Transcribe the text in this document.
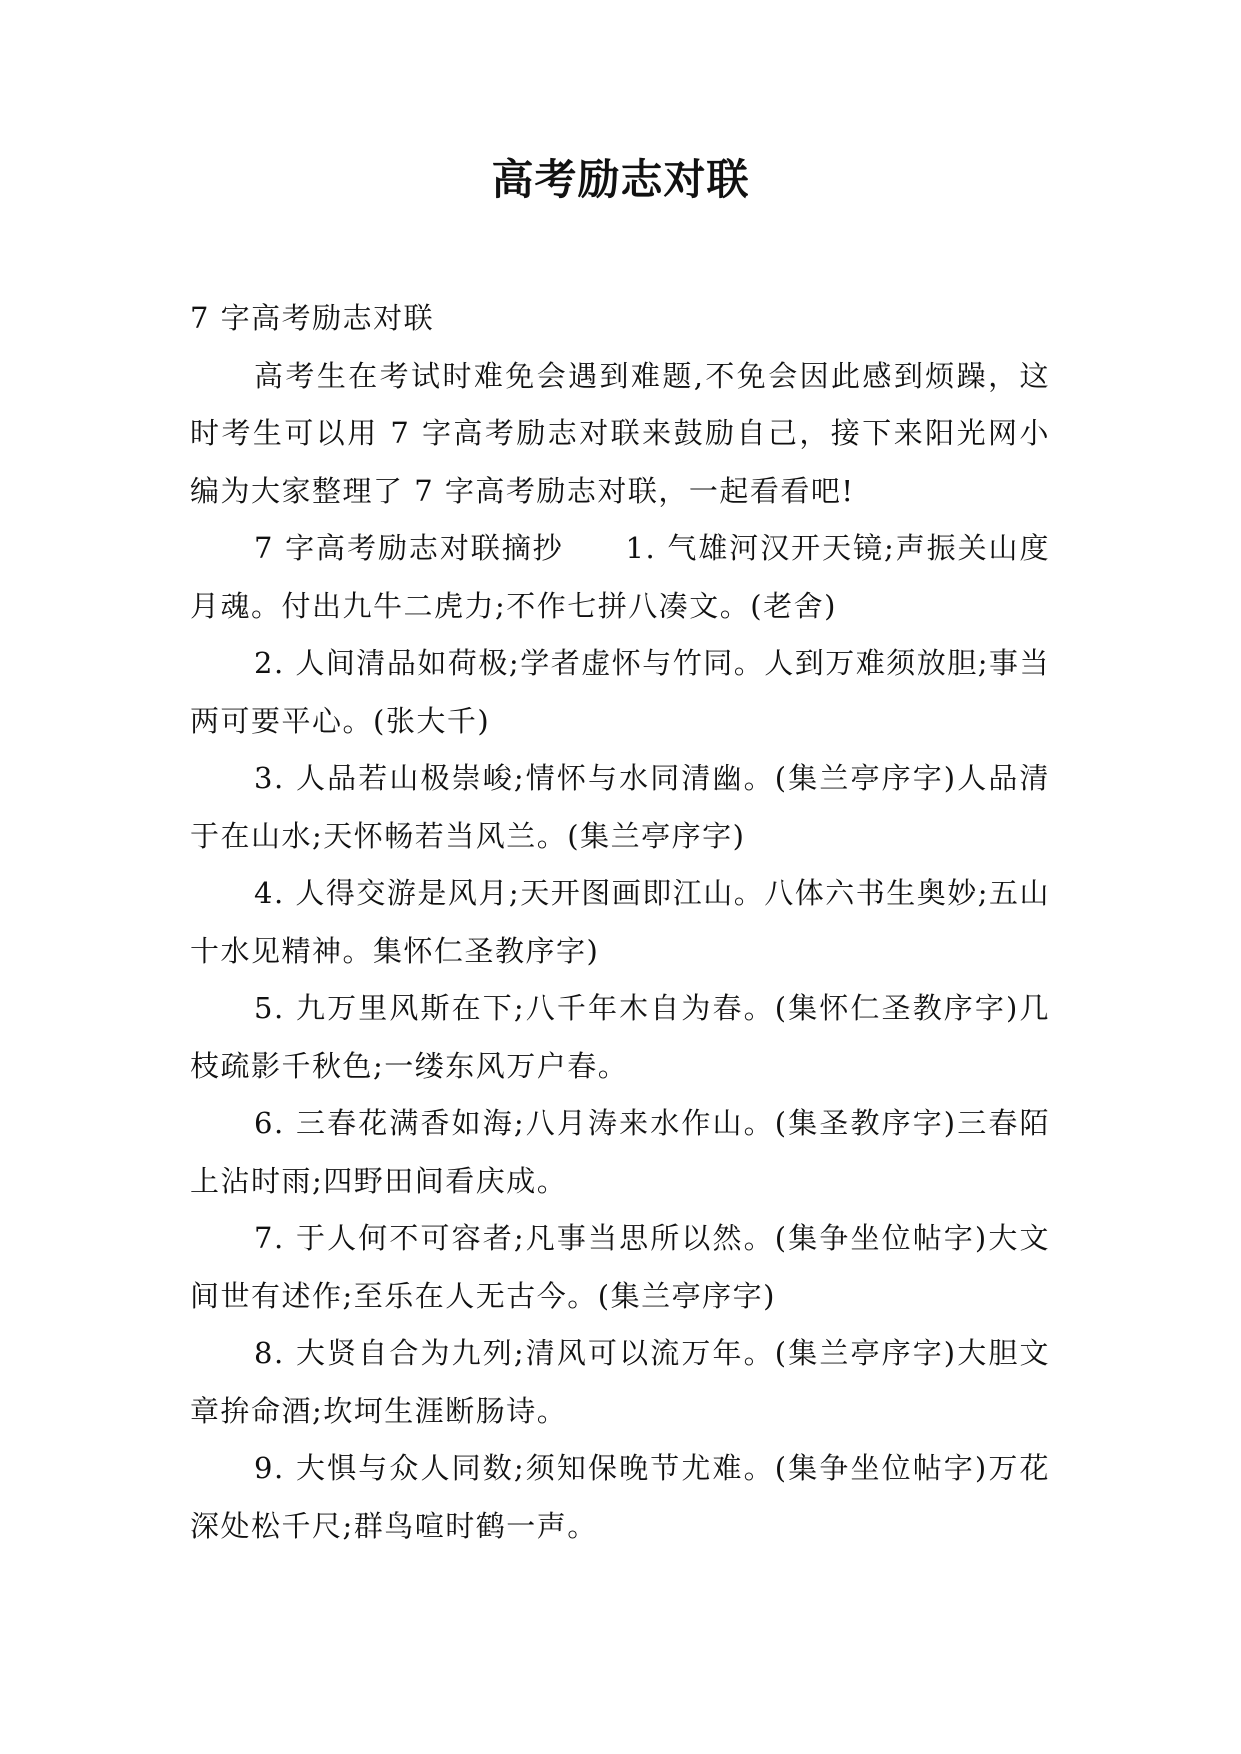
高考励志对联

7 字高考励志对联

高考生在考试时难免会遇到难题,不免会因此感到烦躁，这时考生可以用 7 字高考励志对联来鼓励自己，接下来阳光网小编为大家整理了 7 字高考励志对联，一起看看吧!

7 字高考励志对联摘抄　　1. 气雄河汉开天镜;声振关山度月魂。付出九牛二虎力;不作七拼八凑文。(老舍)

2. 人间清品如荷极;学者虚怀与竹同。人到万难须放胆;事当两可要平心。(张大千)

3. 人品若山极崇峻;情怀与水同清幽。(集兰亭序字)人品清于在山水;天怀畅若当风兰。(集兰亭序字)

4. 人得交游是风月;天开图画即江山。八体六书生奥妙;五山十水见精神。集怀仁圣教序字)

5. 九万里风斯在下;八千年木自为春。(集怀仁圣教序字)几枝疏影千秋色;一缕东风万户春。

6. 三春花满香如海;八月涛来水作山。(集圣教序字)三春陌上沾时雨;四野田间看庆成。

7. 于人何不可容者;凡事当思所以然。(集争坐位帖字)大文间世有述作;至乐在人无古今。(集兰亭序字)

8. 大贤自合为九列;清风可以流万年。(集兰亭序字)大胆文章拚命酒;坎坷生涯断肠诗。

9. 大惧与众人同数;须知保晚节尤难。(集争坐位帖字)万花深处松千尺;群鸟喧时鹤一声。
